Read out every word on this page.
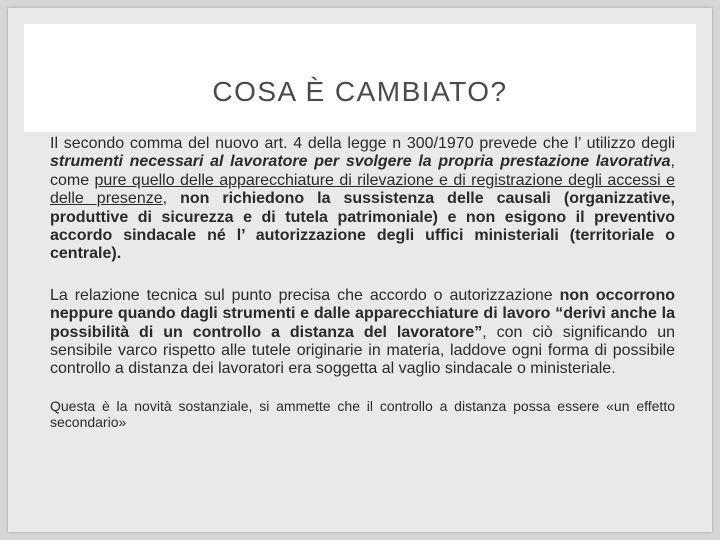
COSA È CAMBIATO?

Il secondo comma del nuovo art. 4 della legge n 300/1970 prevede che l’ utilizzo degli strumenti necessari al lavoratore per svolgere la propria prestazione lavorativa, come pure quello delle apparecchiature di rilevazione e di registrazione degli accessi e delle presenze, non richiedono la sussistenza delle causali (organizzative, produttive di sicurezza e di tutela patrimoniale) e non esigono il preventivo accordo sindacale né l’ autorizzazione degli uffici ministeriali (territoriale o centrale).

La relazione tecnica sul punto precisa che accordo o autorizzazione non occorrono neppure quando dagli strumenti e dalle apparecchiature di lavoro “derivi anche la possibilità di un controllo a distanza del lavoratore”, con ciò significando un sensibile varco rispetto alle tutele originarie in materia, laddove ogni forma di possibile controllo a distanza dei lavoratori era soggetta al vaglio sindacale o ministeriale.

Questa è la novità sostanziale, si ammette che il controllo a distanza possa essere «un effetto secondario»
